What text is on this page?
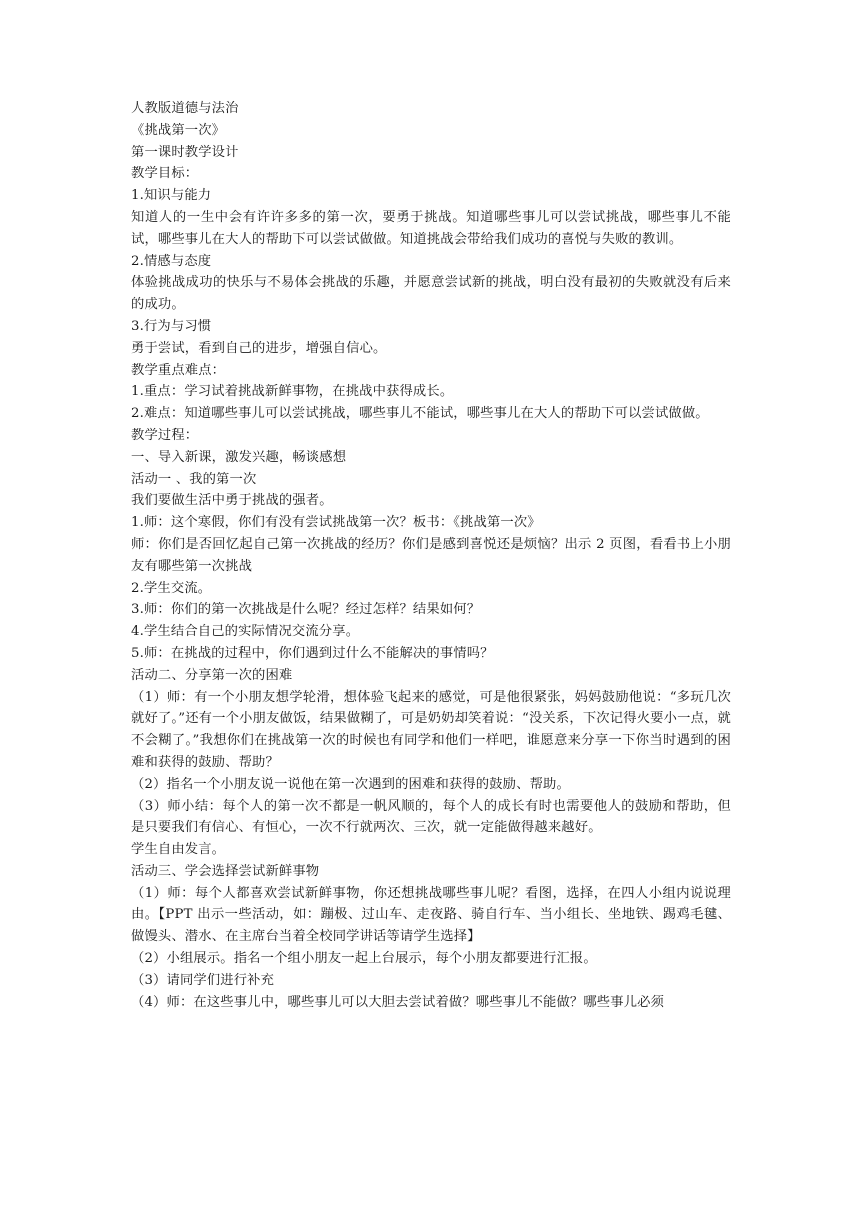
人教版道德与法治

《挑战第一次》

第一课时教学设计

教学目标：

1.知识与能力

知道人的一生中会有许许多多的第一次，要勇于挑战。知道哪些事儿可以尝试挑战，哪些事儿不能试，哪些事儿在大人的帮助下可以尝试做做。知道挑战会带给我们成功的喜悦与失败的教训。

2.情感与态度

体验挑战成功的快乐与不易体会挑战的乐趣，并愿意尝试新的挑战，明白没有最初的失败就没有后来的成功。

3.行为与习惯

勇于尝试，看到自己的进步，增强自信心。

教学重点难点：

1.重点：学习试着挑战新鲜事物，在挑战中获得成长。

2.难点：知道哪些事儿可以尝试挑战，哪些事儿不能试，哪些事儿在大人的帮助下可以尝试做做。

教学过程：

一、导入新课，激发兴趣，畅谈感想

活动一 、我的第一次

我们要做生活中勇于挑战的强者。

1.师：这个寒假，你们有没有尝试挑战第一次？板书：《挑战第一次》

师：你们是否回忆起自己第一次挑战的经历？你们是感到喜悦还是烦恼？出示 2 页图，看看书上小朋友有哪些第一次挑战

2.学生交流。

3.师：你们的第一次挑战是什么呢？经过怎样？结果如何？

4.学生结合自己的实际情况交流分享。

5.师：在挑战的过程中，你们遇到过什么不能解决的事情吗？

活动二、分享第一次的困难

（1）师：有一个小朋友想学轮滑，想体验飞起来的感觉，可是他很紧张，妈妈鼓励他说：“多玩几次就好了。”还有一个小朋友做饭，结果做糊了，可是奶奶却笑着说：“没关系，下次记得火要小一点，就不会糊了。”我想你们在挑战第一次的时候也有同学和他们一样吧，谁愿意来分享一下你当时遇到的困难和获得的鼓励、帮助？

（2）指名一个小朋友说一说他在第一次遇到的困难和获得的鼓励、帮助。

（3）师小结：每个人的第一次不都是一帆风顺的，每个人的成长有时也需要他人的鼓励和帮助，但是只要我们有信心、有恒心，一次不行就两次、三次，就一定能做得越来越好。

学生自由发言。

活动三、学会选择尝试新鲜事物

（1）师：每个人都喜欢尝试新鲜事物，你还想挑战哪些事儿呢？看图，选择，在四人小组内说说理由。【PPT 出示一些活动，如：蹦极、过山车、走夜路、骑自行车、当小组长、坐地铁、踢鸡毛毽、做馒头、潜水、在主席台当着全校同学讲话等请学生选择】

（2）小组展示。指名一个组小朋友一起上台展示，每个小朋友都要进行汇报。

（3）请同学们进行补充

（4）师：在这些事儿中，哪些事儿可以大胆去尝试着做？哪些事儿不能做？哪些事儿必须
